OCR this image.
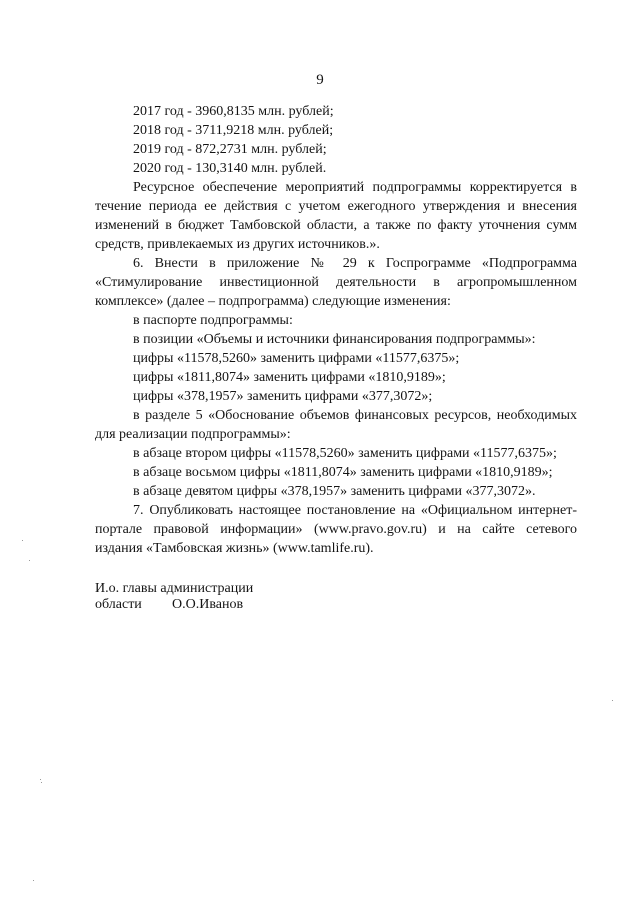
9
2017 год - 3960,8135 млн. рублей;
2018 год - 3711,9218 млн. рублей;
2019 год - 872,2731 млн. рублей;
2020 год - 130,3140 млн. рублей.
Ресурсное обеспечение мероприятий подпрограммы корректируется в
течение периода ее действия с учетом ежегодного утверждения и внесения
изменений в бюджет Тамбовской области, а также по факту уточнения сумм
средств, привлекаемых из других источников.».
6. Внести в приложение № 29 к Госпрограмме «Подпрограмма
«Стимулирование инвестиционной деятельности в агропромышленном
комплексе» (далее – подпрограмма) следующие изменения:
в паспорте подпрограммы:
в позиции «Объемы и источники финансирования подпрограммы»:
цифры «11578,5260» заменить цифрами «11577,6375»;
цифры «1811,8074» заменить цифрами «1810,9189»;
цифры «378,1957» заменить цифрами «377,3072»;
в разделе 5 «Обоснование объемов финансовых ресурсов, необходимых
для реализации подпрограммы»:
в абзаце втором цифры «11578,5260» заменить цифрами «11577,6375»;
в абзаце восьмом цифры «1811,8074» заменить цифрами «1810,9189»;
в абзаце девятом цифры «378,1957» заменить цифрами «377,3072».
7. Опубликовать настоящее постановление на «Официальном интернет-
портале правовой информации» (www.pravo.gov.ru) и на сайте сетевого
издания «Тамбовская жизнь» (www.tamlife.ru).
И.о. главы администрации
области О.О.Иванов
